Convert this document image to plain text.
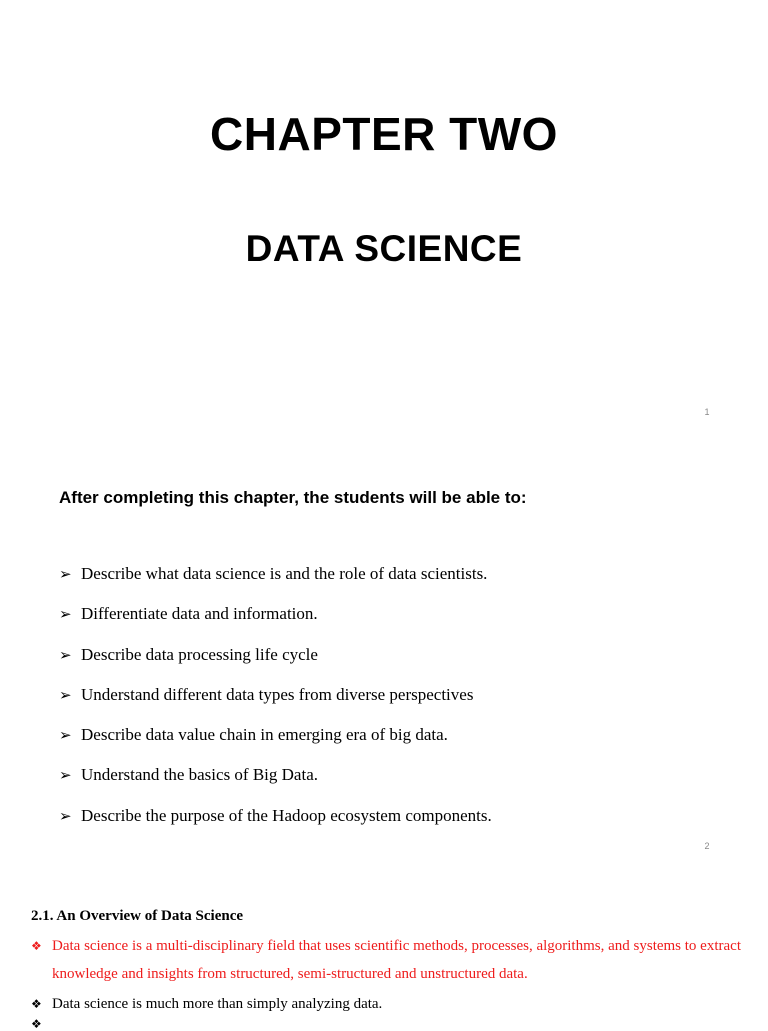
CHAPTER TWO
DATA SCIENCE
1
After completing this chapter, the students will be able to:
➢ Describe what data science is and the role of data scientists.
➢ Differentiate data and information.
➢ Describe data processing life cycle
➢ Understand different data types from diverse perspectives
➢ Describe data value chain in emerging era of big data.
➢ Understand the basics of Big Data.
➢ Describe the purpose of the Hadoop ecosystem components.
2
2.1. An Overview of Data Science
❖ Data science is a multi-disciplinary field that uses scientific methods, processes, algorithms, and systems to extract knowledge and insights from structured, semi-structured and unstructured data.
❖ Data science is much more than simply analyzing data.
❖
